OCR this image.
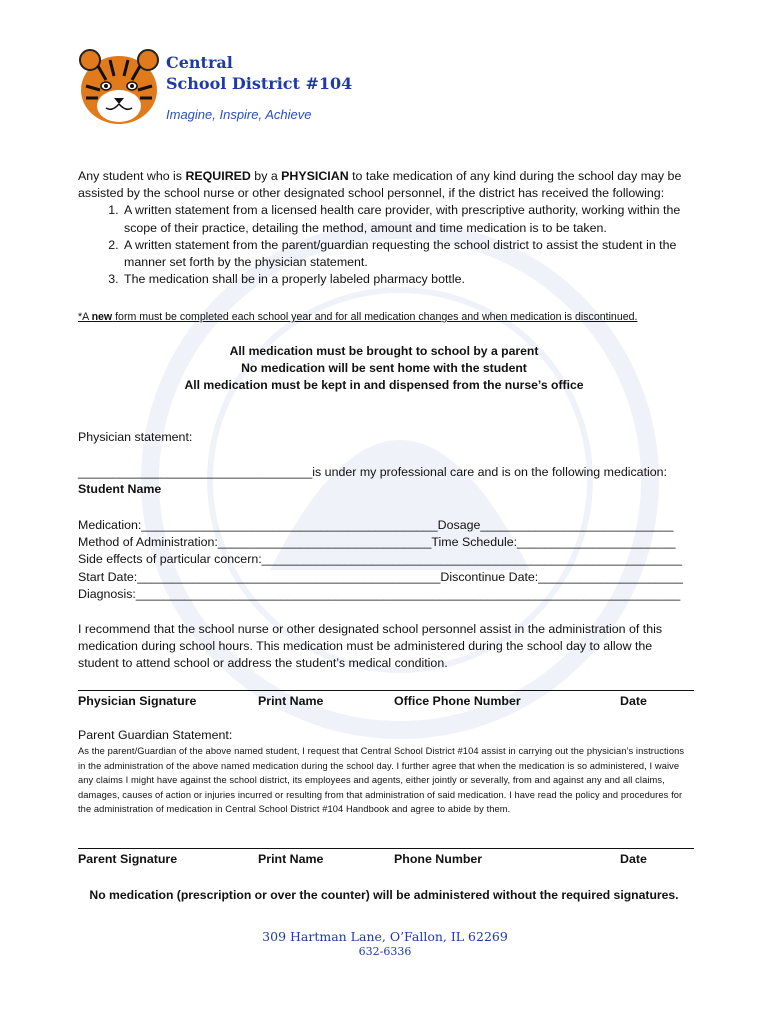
Central
School District #104
Imagine, Inspire, Achieve

Any student who is REQUIRED by a PHYSICIAN to take medication of any kind during the school day may be assisted by the school nurse or other designated school personnel, if the district has received the following:

1. A written statement from a licensed health care provider, with prescriptive authority, working within the scope of their practice, detailing the method, amount and time medication is to be taken.
2. A written statement from the parent/guardian requesting the school district to assist the student in the manner set forth by the physician statement.
3. The medication shall be in a properly labeled pharmacy bottle.
*A new form must be completed each school year and for all medication changes and when medication is discontinued.
All medication must be brought to school by a parent
No medication will be sent home with the student
All medication must be kept in and dispensed from the nurse’s office
Physician statement:
__________________________________is under my professional care and is on the following medication:
Student Name
Medication:___________________________________________Dosage____________________________
Method of Administration:_______________________________Time Schedule:_______________________
Side effects of particular concern:_____________________________________________________________
Start Date:____________________________________________Discontinue Date:_____________________
Diagnosis:_______________________________________________________________________________
I recommend that the school nurse or other designated school personnel assist in the administration of this medication during school hours. This medication must be administered during the school day to allow the student to attend school or address the student’s medical condition.
Physician Signature	Print Name	Office Phone Number	Date
Parent Guardian Statement:
As the parent/Guardian of the above named student, I request that Central School District #104 assist in carrying out the physician’s instructions in the administration of the above named medication during the school day. I further agree that when the medication is so administered, I waive any claims I might have against the school district, its employees and agents, either jointly or severally, from and against any and all claims, damages, causes of action or injuries incurred or resulting from that administration of said medication. I have read the policy and procedures for the administration of medication in Central School District #104 Handbook and agree to abide by them.
Parent Signature	Print Name	Phone Number	Date
No medication (prescription or over the counter) will be administered without the required signatures.
309 Hartman Lane, O’Fallon, IL 62269
632-6336
